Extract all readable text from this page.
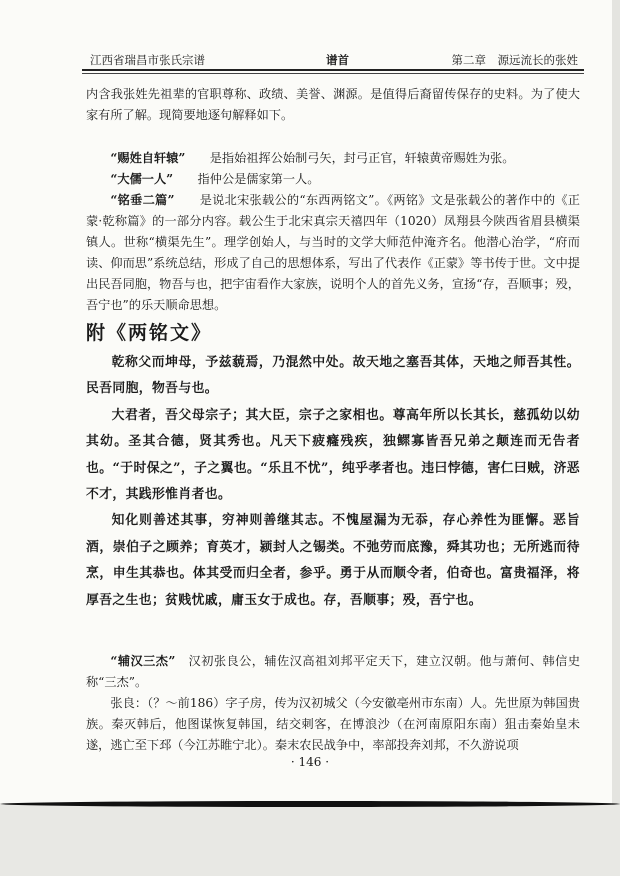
江西省瑞昌市张氏宗谱	谱首	第二章　源远流长的张姓

内含我张姓先祖辈的官职尊称、政绩、美誉、渊源。是值得后裔留传保存的史料。为了使大家有所了解。现简要地逐句解释如下。

“赐姓自轩辕”　　 是指始祖挥公始制弓矢，封弓正官，轩辕黄帝赐姓为张。

“大儒一人”　　 指仲公是儒家第一人。

“铭垂二篇”　　 是说北宋张载公的“东西两铭文”。《两铭》文是张载公的著作中的《正蒙·乾称篇》的一部分内容。载公生于北宋真宗天禧四年（1020）凤翔县今陕西省眉县横渠镇人。世称“横渠先生”。理学创始人，与当时的文学大师范仲淹齐名。他潜心治学，“府而读、仰而思”系统总结，形成了自己的思想体系，写出了代表作《正蒙》等书传于世。文中提出民吾同胞，物吾与也，把宇宙看作大家族，说明个人的首先义务，宣扬“存，吾顺事；殁，吾宁也”的乐天顺命思想。

附《两铭文》

乾称父而坤母，予兹藐焉，乃混然中处。故天地之塞吾其体，天地之师吾其性。民吾同胞，物吾与也。

大君者，吾父母宗子；其大臣，宗子之家相也。尊高年所以长其长，慈孤幼以幼其幼。圣其合德，贤其秀也。凡天下疲癃残疾，独鳏寡皆吾兄弟之颠连而无告者也。“于时保之”，子之翼也。“乐且不忧”，纯乎孝者也。违曰悖德，害仁曰贼，济恶不才，其践形惟肖者也。

知化则善述其事，穷神则善继其志。不愧屋漏为无忝，存心养性为匪懈。恶旨酒，崇伯子之顾养；育英才，颍封人之锡类。不弛劳而底豫，舜其功也；无所逃而待烹，申生其恭也。体其受而归全者，参乎。勇于从而顺令者，伯奇也。富贵福泽，将厚吾之生也；贫贱忧戚，庸玉女于成也。存，吾顺事；殁，吾宁也。

“辅汉三杰”　 汉初张良公，辅佐汉高祖刘邦平定天下，建立汉朝。他与萧何、韩信史称“三杰”。

张良：（？～前186）字子房，传为汉初城父（今安徽亳州市东南）人。先世原为韩国贵族。秦灭韩后，他图谋恢复韩国，结交刺客，在博浪沙（在河南原阳东南）狙击秦始皇未遂，逃亡至下邳（今江苏睢宁北）。秦末农民战争中，率部投奔刘邦，不久游说项

· 146 ·
